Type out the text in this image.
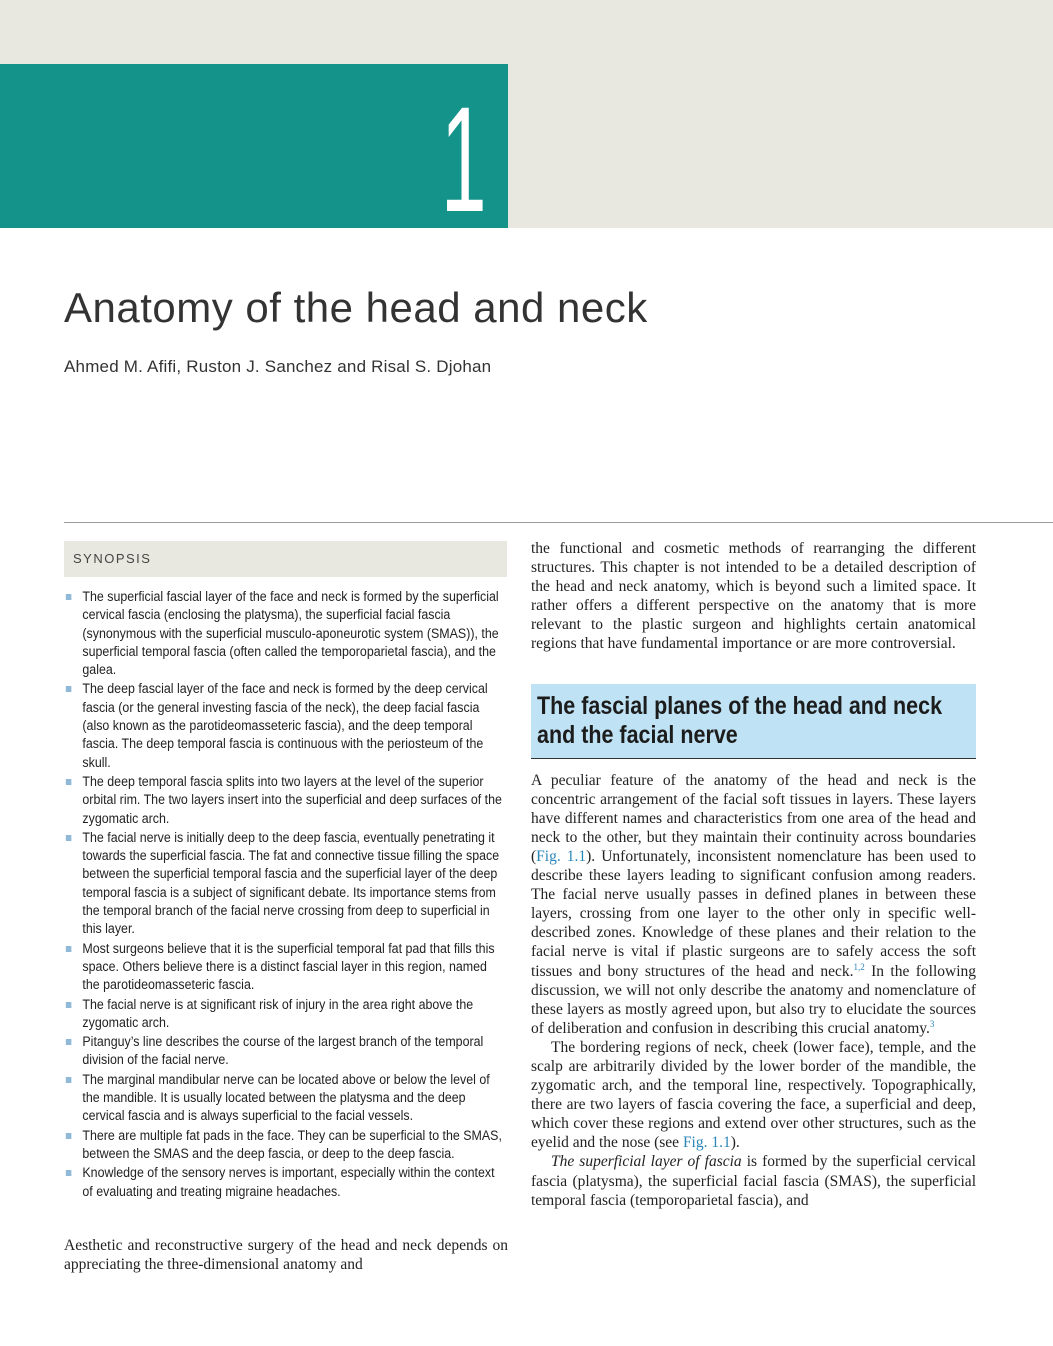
1
Anatomy of the head and neck
Ahmed M. Afifi, Ruston J. Sanchez and Risal S. Djohan
SYNOPSIS
The superficial fascial layer of the face and neck is formed by the superficial cervical fascia (enclosing the platysma), the superficial facial fascia (synonymous with the superficial musculo-aponeurotic system (SMAS)), the superficial temporal fascia (often called the temporoparietal fascia), and the galea.
The deep fascial layer of the face and neck is formed by the deep cervical fascia (or the general investing fascia of the neck), the deep facial fascia (also known as the parotideomasseteric fascia), and the deep temporal fascia. The deep temporal fascia is continuous with the periosteum of the skull.
The deep temporal fascia splits into two layers at the level of the superior orbital rim. The two layers insert into the superficial and deep surfaces of the zygomatic arch.
The facial nerve is initially deep to the deep fascia, eventually penetrating it towards the superficial fascia. The fat and connective tissue filling the space between the superficial temporal fascia and the superficial layer of the deep temporal fascia is a subject of significant debate. Its importance stems from the temporal branch of the facial nerve crossing from deep to superficial in this layer.
Most surgeons believe that it is the superficial temporal fat pad that fills this space. Others believe there is a distinct fascial layer in this region, named the parotideomasseteric fascia.
The facial nerve is at significant risk of injury in the area right above the zygomatic arch.
Pitanguy’s line describes the course of the largest branch of the temporal division of the facial nerve.
The marginal mandibular nerve can be located above or below the level of the mandible. It is usually located between the platysma and the deep cervical fascia and is always superficial to the facial vessels.
There are multiple fat pads in the face. They can be superficial to the SMAS, between the SMAS and the deep fascia, or deep to the deep fascia.
Knowledge of the sensory nerves is important, especially within the context of evaluating and treating migraine headaches.
Aesthetic and reconstructive surgery of the head and neck depends on appreciating the three-dimensional anatomy and

the functional and cosmetic methods of rearranging the different structures. This chapter is not intended to be a detailed description of the head and neck anatomy, which is beyond such a limited space. It rather offers a different perspective on the anatomy that is more relevant to the plastic surgeon and highlights certain anatomical regions that have fundamental importance or are more controversial.

The fascial planes of the head and neck and the facial nerve

A peculiar feature of the anatomy of the head and neck is the concentric arrangement of the facial soft tissues in layers. These layers have different names and characteristics from one area of the head and neck to the other, but they maintain their continuity across boundaries (Fig. 1.1). Unfortunately, inconsistent nomenclature has been used to describe these layers leading to significant confusion among readers. The facial nerve usually passes in defined planes in between these layers, crossing from one layer to the other only in specific well-described zones. Knowledge of these planes and their relation to the facial nerve is vital if plastic surgeons are to safely access the soft tissues and bony structures of the head and neck.$^{1,2}$ In the following discussion, we will not only describe the anatomy and nomenclature of these layers as mostly agreed upon, but also try to elucidate the sources of deliberation and confusion in describing this crucial anatomy.$^3$

The bordering regions of neck, cheek (lower face), temple, and the scalp are arbitrarily divided by the lower border of the mandible, the zygomatic arch, and the temporal line, respectively. Topographically, there are two layers of fascia covering the face, a superficial and deep, which cover these regions and extend over other structures, such as the eyelid and the nose (see Fig. 1.1).

The superficial layer of fascia is formed by the superficial cervical fascia (platysma), the superficial facial fascia (SMAS), the superficial temporal fascia (temporoparietal fascia), and
